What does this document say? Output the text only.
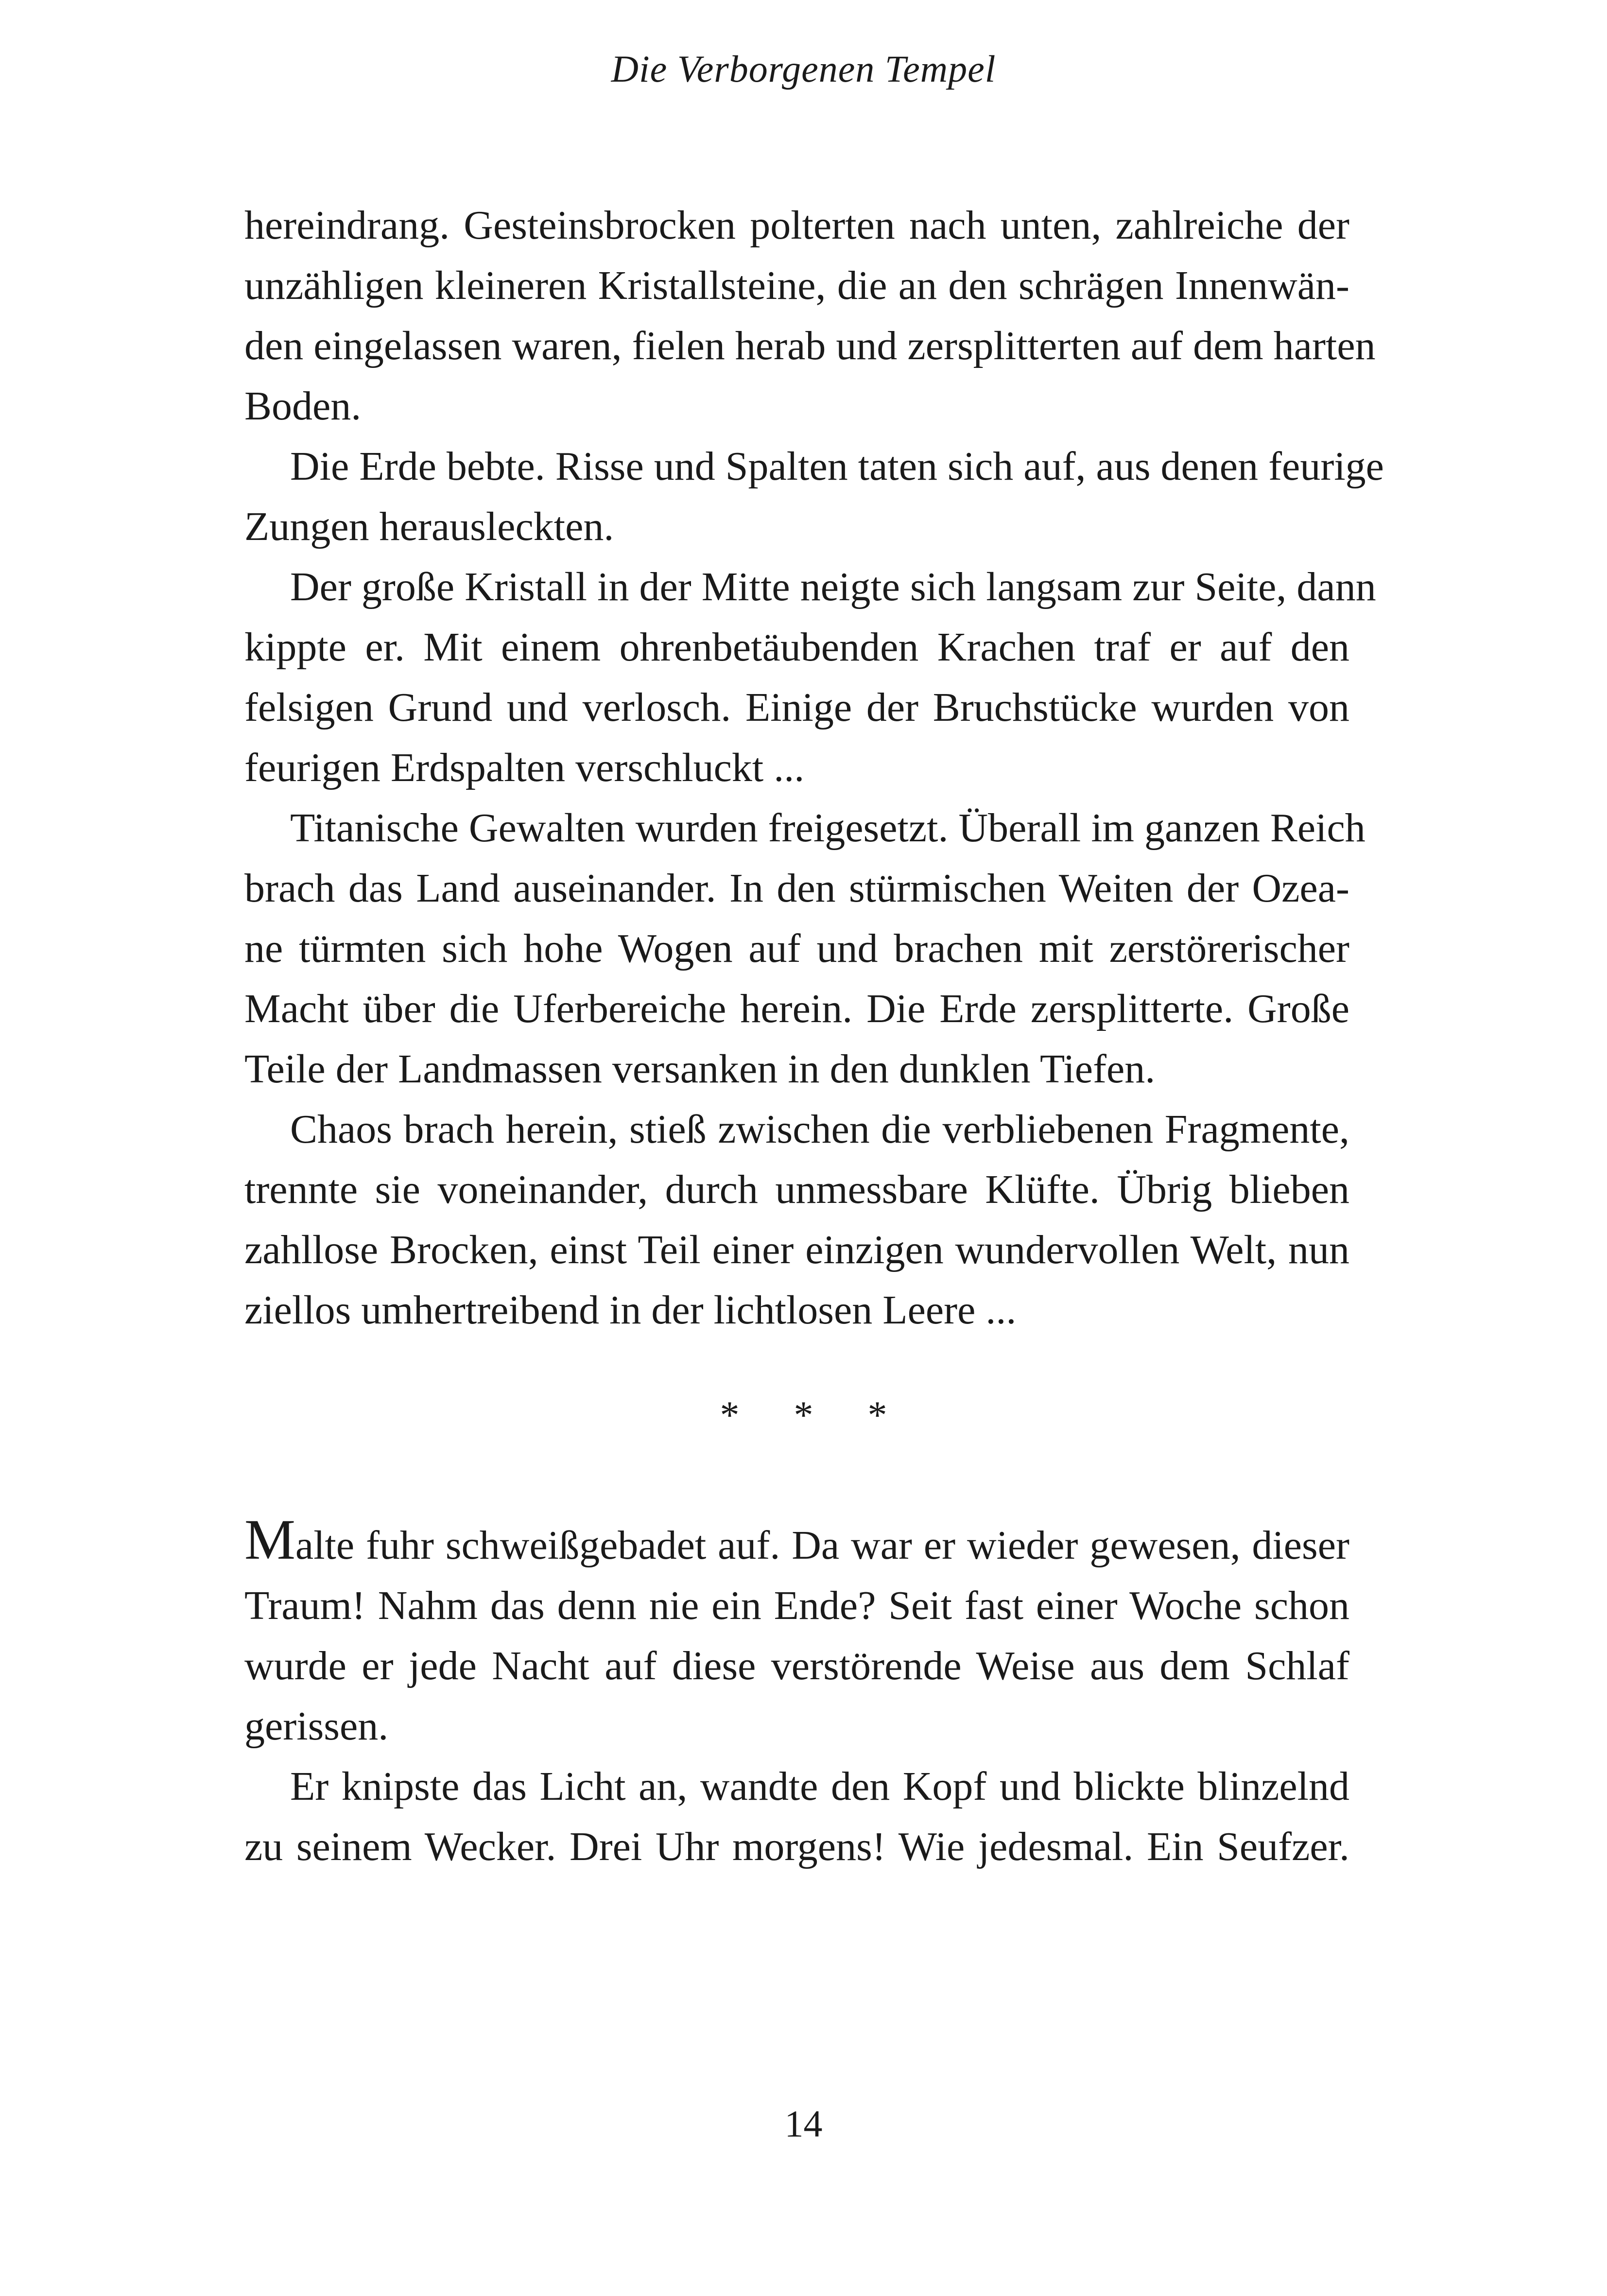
Die Verborgenen Tempel
hereindrang. Gesteinsbrocken polterten nach unten, zahlreiche der
unzähligen kleineren Kristallsteine, die an den schrägen Innenwän-
den eingelassen waren, fielen herab und zersplitterten auf dem harten
Boden.
Die Erde bebte. Risse und Spalten taten sich auf, aus denen feurige
Zungen herausleckten.
Der große Kristall in der Mitte neigte sich langsam zur Seite, dann
kippte er. Mit einem ohrenbetäubenden Krachen traf er auf den
felsigen Grund und verlosch. Einige der Bruchstücke wurden von
feurigen Erdspalten verschluckt ...
Titanische Gewalten wurden freigesetzt. Überall im ganzen Reich
brach das Land auseinander. In den stürmischen Weiten der Ozea-
ne türmten sich hohe Wogen auf und brachen mit zerstörerischer
Macht über die Uferbereiche herein. Die Erde zersplitterte. Große
Teile der Landmassen versanken in den dunklen Tiefen.
Chaos brach herein, stieß zwischen die verbliebenen Fragmente,
trennte sie voneinander, durch unmessbare Klüfte. Übrig blieben
zahllose Brocken, einst Teil einer einzigen wundervollen Welt, nun
ziellos umhertreibend in der lichtlosen Leere ...
* * *
Malte fuhr schweißgebadet auf. Da war er wieder gewesen, dieser
Traum! Nahm das denn nie ein Ende? Seit fast einer Woche schon
wurde er jede Nacht auf diese verstörende Weise aus dem Schlaf
gerissen.
Er knipste das Licht an, wandte den Kopf und blickte blinzelnd
zu seinem Wecker. Drei Uhr morgens! Wie jedesmal. Ein Seufzer.
14
